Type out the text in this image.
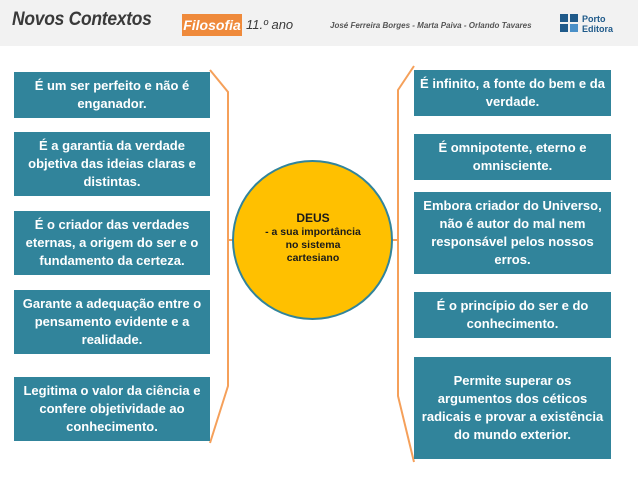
Novos Contextos Filosofia 11.º ano	José Ferreira Borges - Marta Paiva - Orlando Tavares
Porto Editora
É um ser perfeito e não é enganador.
É a garantia da verdade objetiva das ideias claras e distintas.
É o criador das verdades eternas, a origem do ser e o fundamento da certeza.
Garante a adequação entre o pensamento evidente e a realidade.
Legitima o valor da ciência e confere objetividade ao conhecimento.
É infinito, a fonte do bem e da verdade.
É omnipotente, eterno e omnisciente.
Embora criador do Universo, não é autor do mal nem responsável pelos nossos erros.
É o princípio do ser e do conhecimento.
Permite superar os argumentos dos céticos radicais e provar a existência do mundo exterior.
DEUS
- a sua importância no sistema cartesiano
